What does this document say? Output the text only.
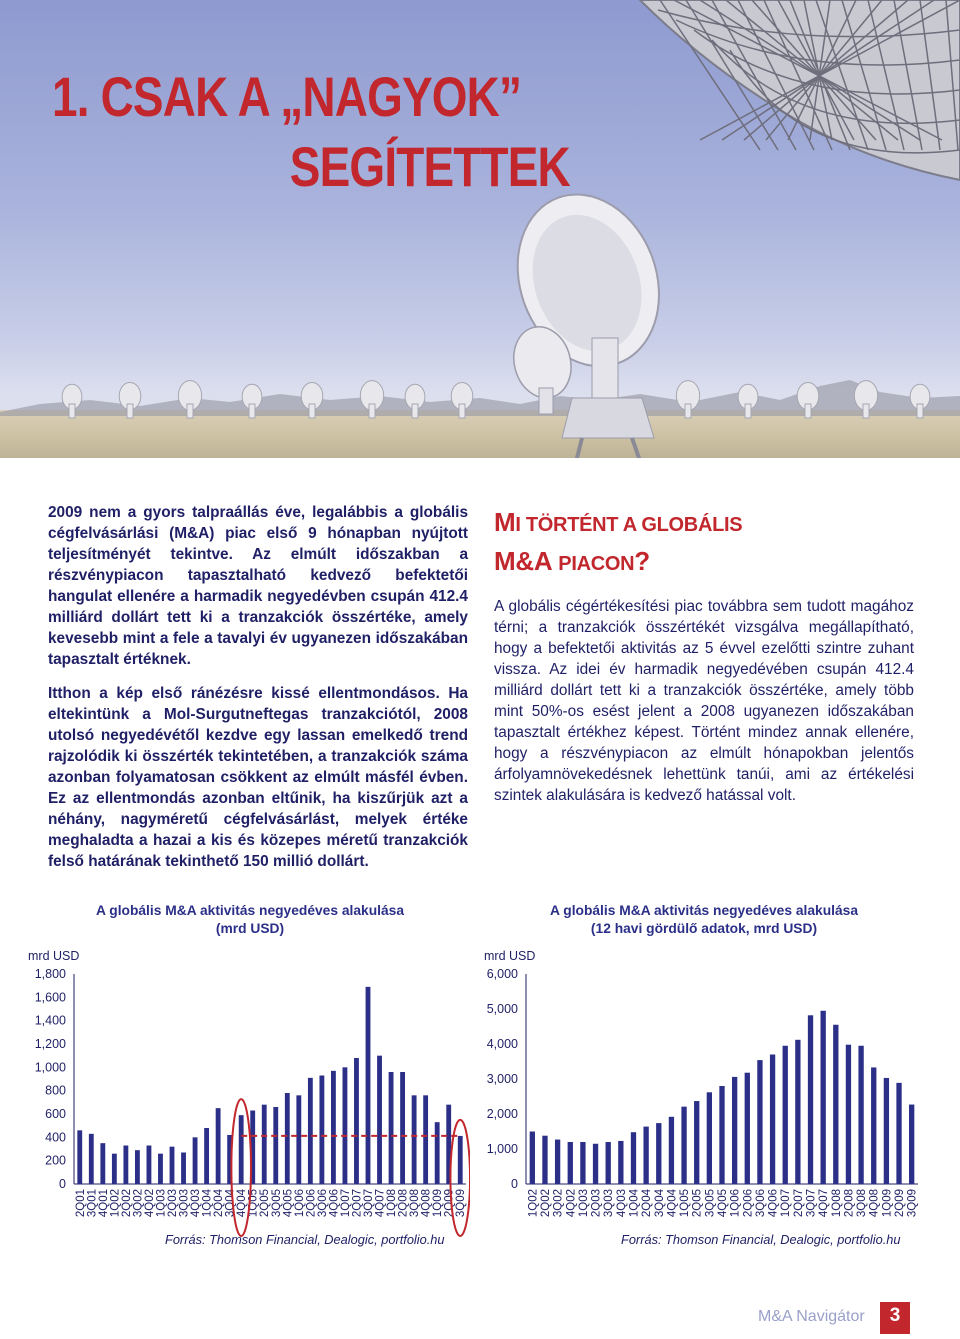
1. CSAK A „NAGYOK”
SEGÍTETTEK

2009 nem a gyors talpraállás éve, legalábbis a globális cégfelvásárlási (M&A) piac első 9 hónapban nyújtott teljesítményét tekintve. Az elmúlt időszakban a részvénypiacon tapasztalható kedvező befektetői hangulat ellenére a harmadik negyedévben csupán 412.4 milliárd dollárt tett ki a tranzakciók összértéke, amely kevesebb mint a fele a tavalyi év ugyanezen időszakában tapasztalt értéknek.

Itthon a kép első ránézésre kissé ellentmondásos. Ha eltekintünk a Mol-Surgutneftegas tranzakciótól, 2008 utolsó negyedévétől kezdve egy lassan emelkedő trend rajzolódik ki összérték tekintetében, a tranzakciók száma azonban folyamatosan csökkent az elmúlt másfél évben. Ez az ellentmondás azonban eltűnik, ha kiszűrjük azt a néhány, nagyméretű cégfelvásárlást, melyek értéke meghaladta a hazai a kis és közepes méretű tranzakciók felső határának tekinthető 150 millió dollárt.

MI TÖRTÉNT A GLOBÁLIS
M&A PIACON?
A globális cégértékesítési piac továbbra sem tudott magához térni; a tranzakciók összértékét vizsgálva megállapítható, hogy a befektetői aktivitás az 5 évvel ezelőtti szintre zuhant vissza. Az idei év harmadik negyedévében csupán 412.4 milliárd dollárt tett ki a tranzakciók összértéke, amely több mint 50%-os esést jelent a 2008 ugyanezen időszakában tapasztalt értékhez képest. Történt mindez annak ellenére, hogy a részvénypiacon az elmúlt hónapokban jelentős árfolyamnövekedésnek lehettünk tanúi, ami az értékelési szintek alakulására is kedvező hatással volt.
A globális M&A aktivitás negyedéves alakulása
(mrd USD)
mrd USD
0
200
400
600
800
1,000
1,200
1,400
1,600
1,800
2Q01 3Q01 4Q01 1Q02 2Q02 3Q02 4Q02 1Q03 2Q03 3Q03 4Q03 1Q04 2Q04 3Q04 4Q04 1Q05 2Q05 3Q05 4Q05 1Q06 2Q06 3Q06 4Q06 1Q07 2Q07 3Q07 4Q07 1Q08 2Q08 3Q08 4Q08 1Q09 2Q09 3Q09
Forrás: Thomson Financial, Dealogic, portfolio.hu
A globális M&A aktivitás negyedéves alakulása
(12 havi gördülő adatok, mrd USD)
mrd USD
0
1,000
2,000
3,000
4,000
5,000
6,000
1Q02 2Q02 3Q02 4Q02 1Q03 2Q03 3Q03 4Q03 1Q04 2Q04 3Q04 4Q04 1Q05 2Q05 3Q05 4Q05 1Q06 2Q06 3Q06 4Q06 1Q07 2Q07 3Q07 4Q07 1Q08 2Q08 3Q08 4Q08 1Q09 2Q09 3Q09
Forrás: Thomson Financial, Dealogic, portfolio.hu
M&A Navigátor	3
